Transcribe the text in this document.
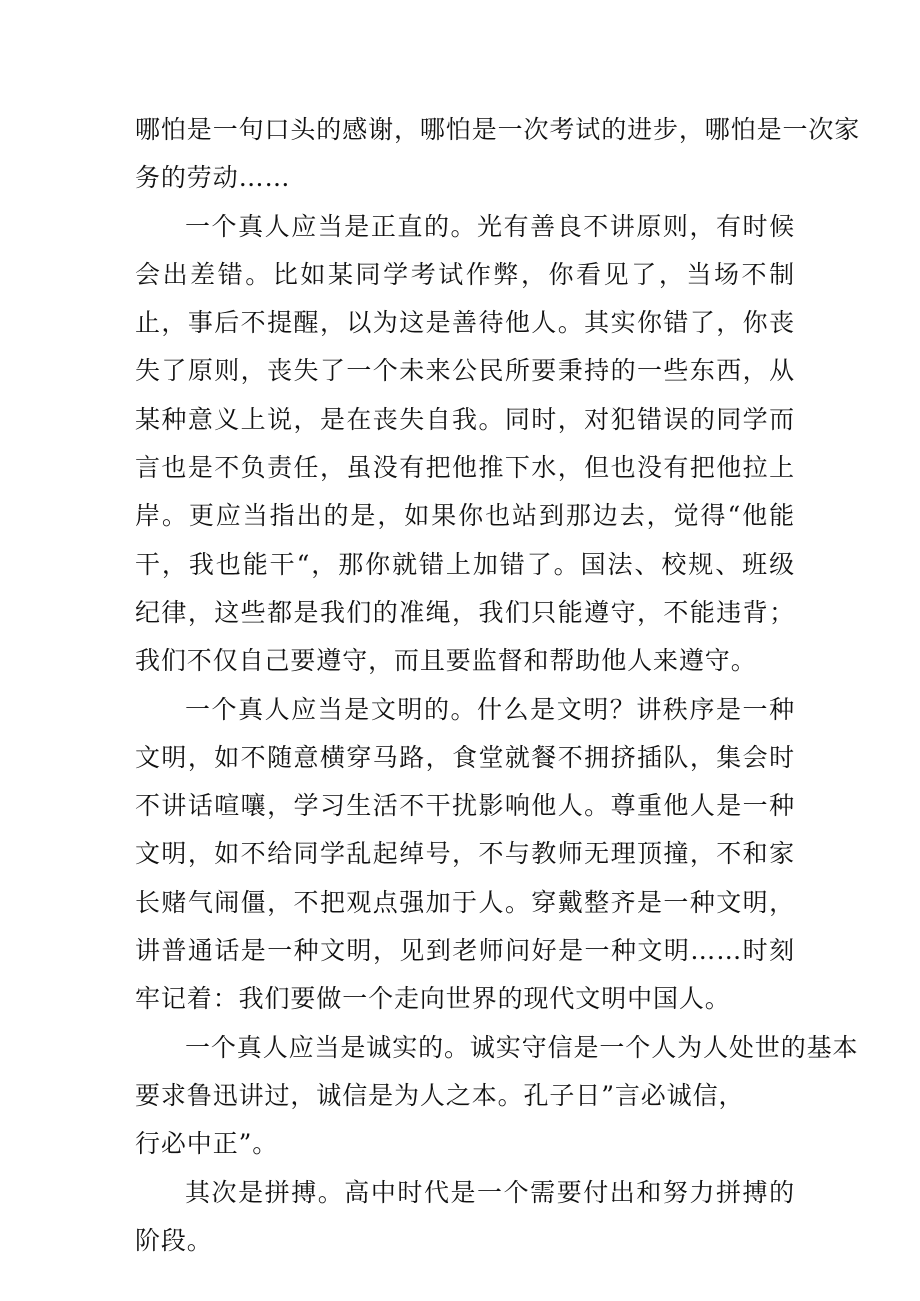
哪怕是一句口头的感谢，哪怕是一次考试的进步，哪怕是一次家
务的劳动……

一个真人应当是正直的。光有善良不讲原则，有时候会出差错。比如某同学考试作弊，你看见了，当场不制止，事后不提醒，以为这是善待他人。其实你错了，你丧失了原则，丧失了一个未来公民所要秉持的一些东西，从某种意义上说，是在丧失自我。同时，对犯错误的同学而言也是不负责任，虽没有把他推下水，但也没有把他拉上岸。更应当指出的是，如果你也站到那边去，觉得“他能干，我也能干“，那你就错上加错了。国法、校规、班级纪律，这些都是我们的准绳，我们只能遵守，不能违背；我们不仅自己要遵守，而且要监督和帮助他人来遵守。

一个真人应当是文明的。什么是文明？讲秩序是一种文明，如不随意横穿马路，食堂就餐不拥挤插队，集会时不讲话喧嚷，学习生活不干扰影响他人。尊重他人是一种文明，如不给同学乱起绰号，不与教师无理顶撞，不和家长赌气闹僵，不把观点强加于人。穿戴整齐是一种文明，讲普通话是一种文明，见到老师问好是一种文明……时刻牢记着：我们要做一个走向世界的现代文明中国人。

一个真人应当是诚实的。诚实守信是一个人为人处世的基本
要求鲁迅讲过，诚信是为人之本。孔子日”言必诚信，
行必中正”。

其次是拼搏。高中时代是一个需要付出和努力拼搏的阶段。
